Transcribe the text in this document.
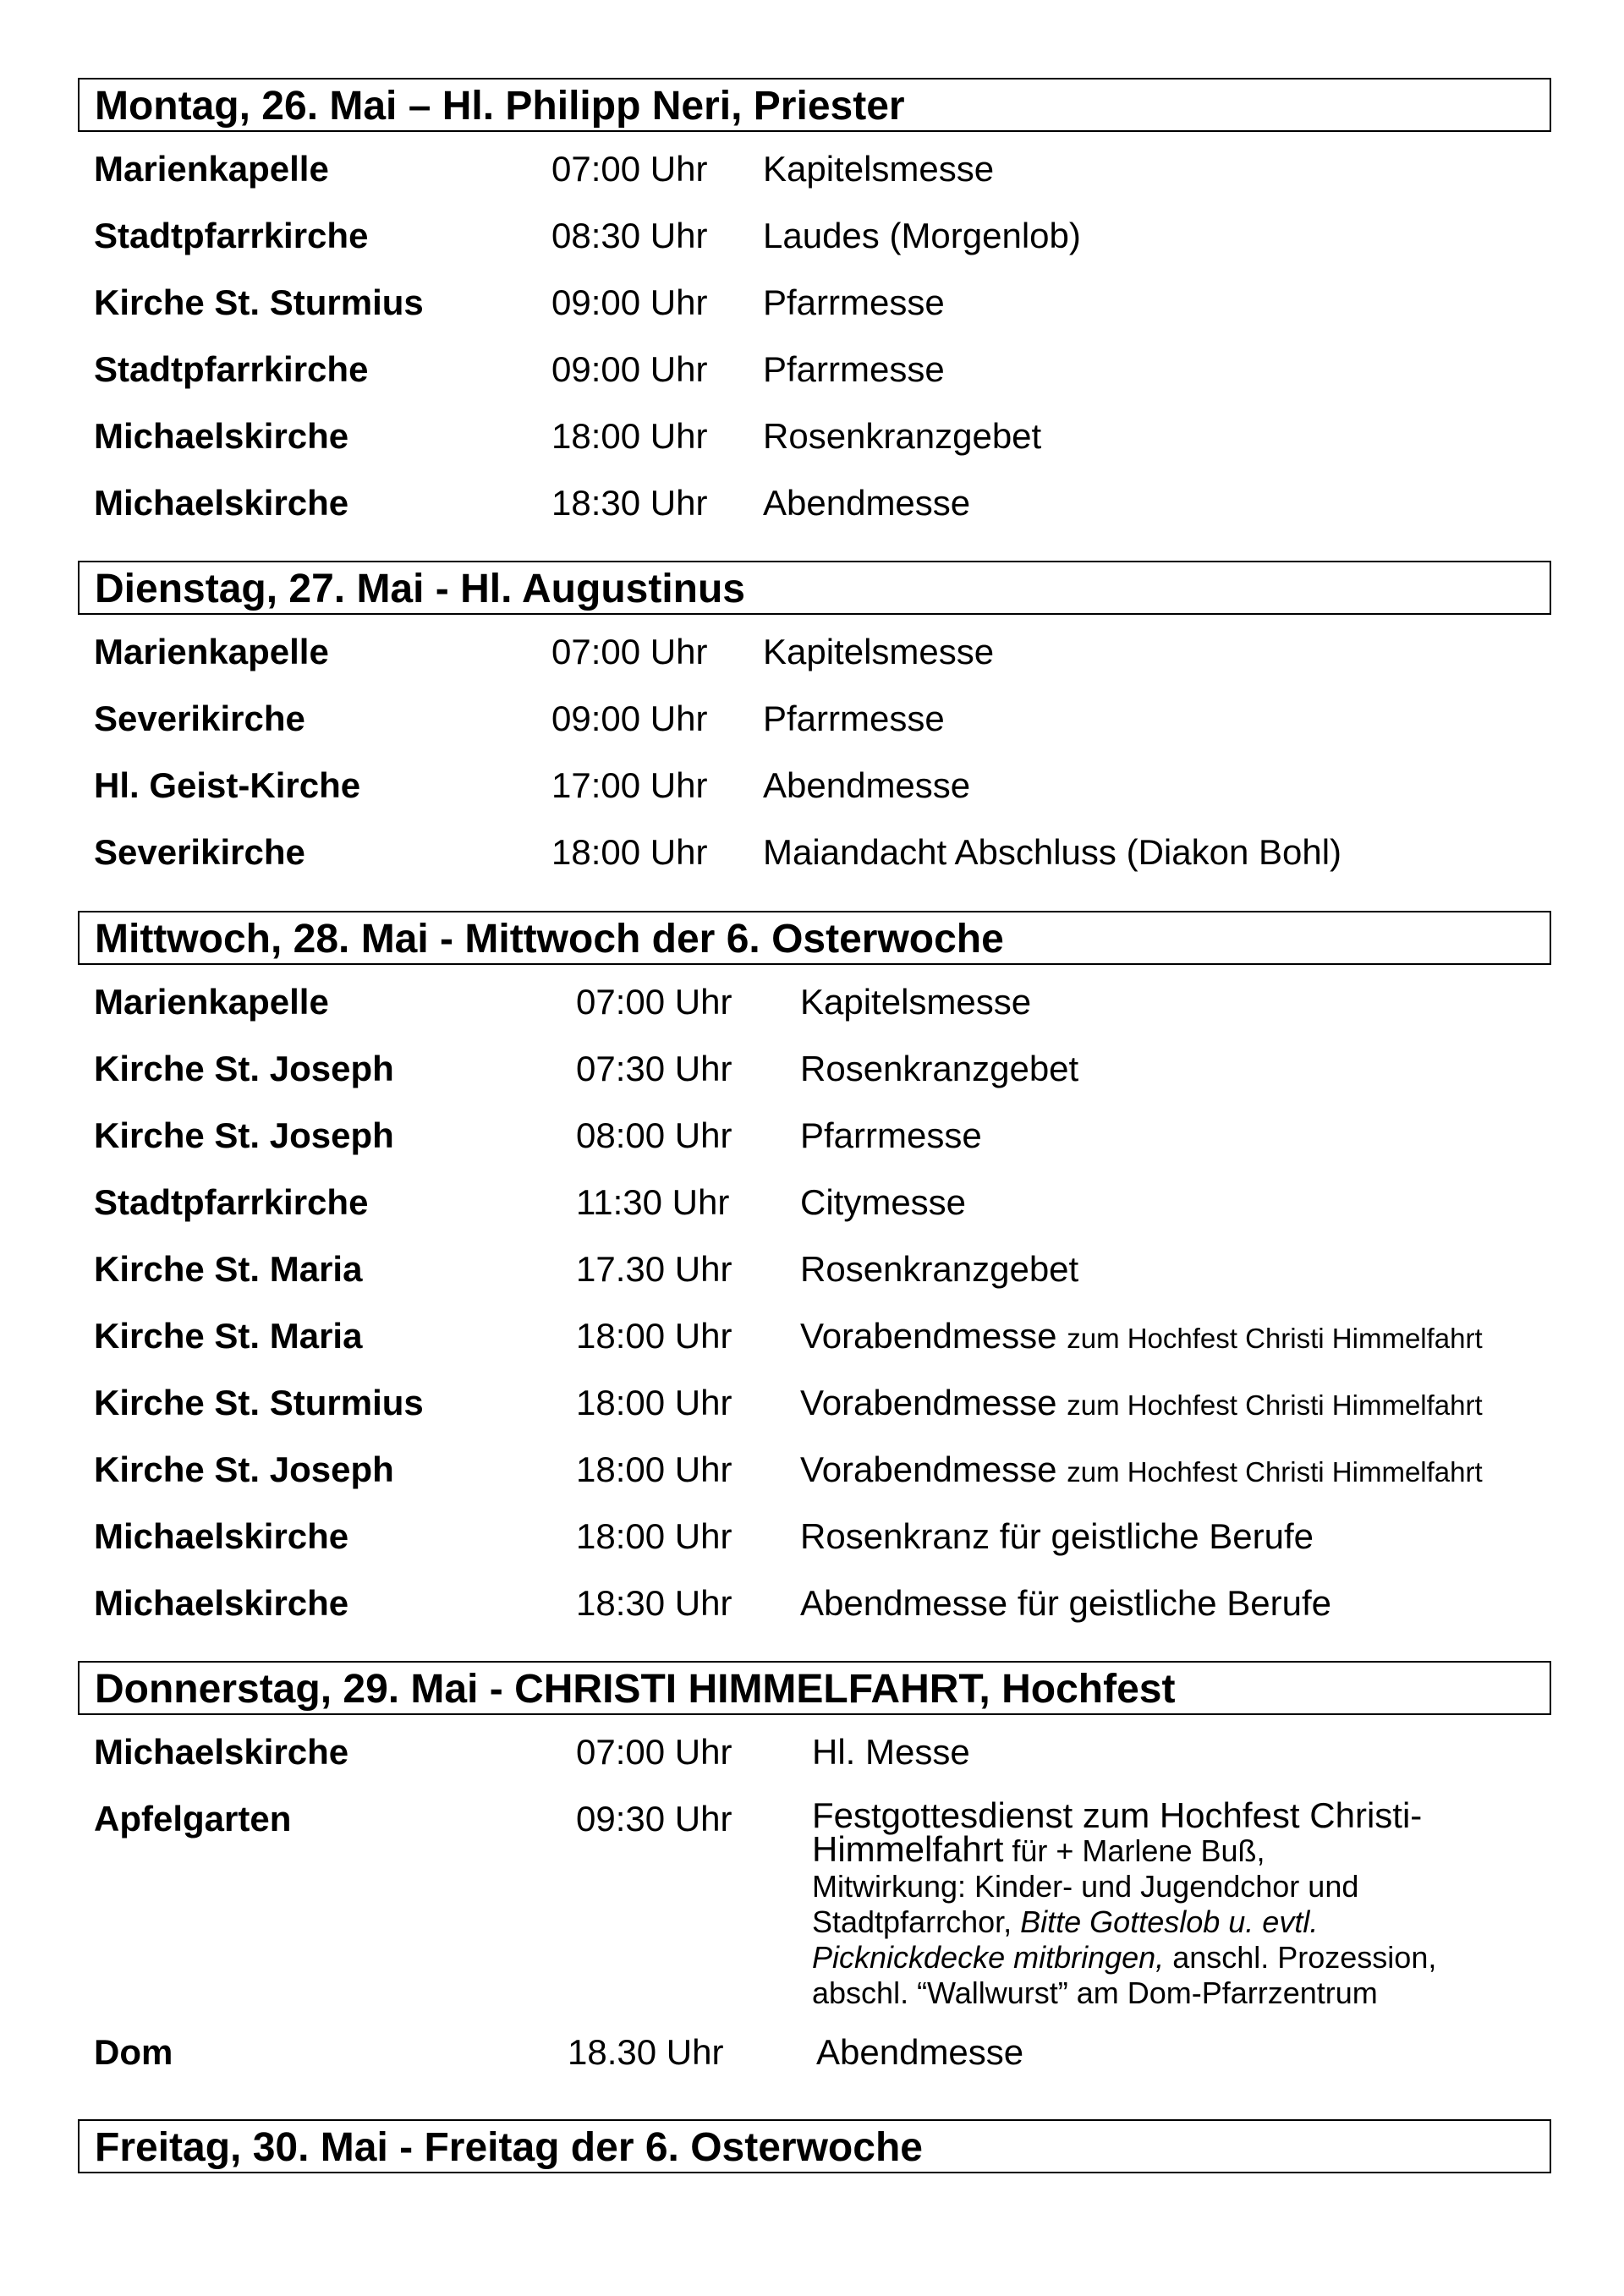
Montag, 26. Mai – Hl. Philipp Neri, Priester
Marienkapelle	07:00 Uhr Kapitelsmesse
Stadtpfarrkirche	08:30 Uhr Laudes (Morgenlob)
Kirche St. Sturmius	09:00 Uhr Pfarrmesse
Stadtpfarrkirche	09:00 Uhr Pfarrmesse
Michaelskirche	18:00 Uhr Rosenkranzgebet
Michaelskirche	18:30 Uhr Abendmesse
Dienstag, 27. Mai - Hl. Augustinus
Marienkapelle	07:00 Uhr Kapitelsmesse
Severikirche	09:00 Uhr Pfarrmesse
Hl. Geist-Kirche	17:00 Uhr Abendmesse
Severikirche	18:00 Uhr Maiandacht Abschluss (Diakon Bohl)
Mittwoch, 28. Mai - Mittwoch der 6. Osterwoche
Marienkapelle	07:00 Uhr Kapitelsmesse
Kirche St. Joseph	07:30 Uhr Rosenkranzgebet
Kirche St. Joseph	08:00 Uhr Pfarrmesse
Stadtpfarrkirche	11:30 Uhr Citymesse
Kirche St. Maria	17.30 Uhr Rosenkranzgebet
Kirche St. Maria	18:00 Uhr Vorabendmesse zum Hochfest Christi Himmelfahrt
Kirche St. Sturmius	18:00 Uhr Vorabendmesse zum Hochfest Christi Himmelfahrt
Kirche St. Joseph	18:00 Uhr Vorabendmesse zum Hochfest Christi Himmelfahrt
Michaelskirche	18:00 Uhr Rosenkranz für geistliche Berufe
Michaelskirche	18:30 Uhr Abendmesse für geistliche Berufe
Donnerstag, 29. Mai - CHRISTI HIMMELFAHRT, Hochfest
Michaelskirche	07:00 Uhr Hl. Messe
Apfelgarten	09:30 Uhr Festgottesdienst zum Hochfest Christi-
Himmelfahrt für + Marlene Buß,
Mitwirkung: Kinder- und Jugendchor und
Stadtpfarrchor, Bitte Gotteslob u. evtl.
Picknickdecke mitbringen, anschl. Prozession,
abschl. “Wallwurst” am Dom-Pfarrzentrum
Dom	18.30 Uhr	Abendmesse
Freitag, 30. Mai - Freitag der 6. Osterwoche
